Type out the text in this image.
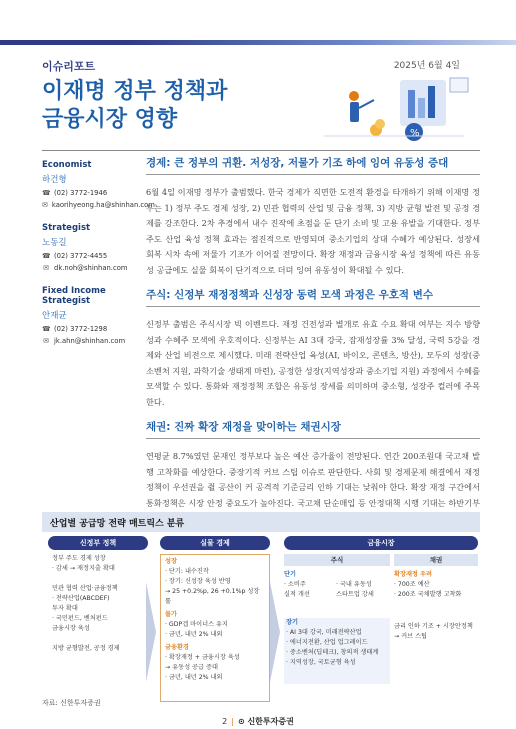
이슈리포트	2025년 6월 4일
이재명 정부 정책과
금융시장 영향
%
Economist
하건형
☎ (02) 3772-1946
✉ kaorihyeong.ha@shinhan.com
Strategist
노동길
☎ (02) 3772-4455
✉ dk.noh@shinhan.com
Fixed Income Strategist
안재균
☎ (02) 3772-1298
✉ jk.ahn@shinhan.com
경제: 큰 정부의 귀환. 저성장, 저물가 기조 하에 잉여 유동성 증대

6월 4일 이재명 정부가 출범했다. 한국 경제가 직면한 도전적 환경을 타개하기 위해 이재명 정부는 1) 정부 주도 경제 성장, 2) 민관 협력의 산업 및 금융 정책, 3) 지방 균형 발전 및 공정 경제를 강조한다. 2차 추경에서 내수 진작에 초점을 둔 단기 소비 및 고용 유발을 기대한다. 정부 주도 산업 육성 정책 효과는 점진적으로 반영되며 중소기업의 상대 수혜가 예상된다. 성장세 회복 시차 속에 저물가 기조가 이어질 전망이다. 확장 재정과 금융시장 육성 정책에 따른 유동성 공급에도 실물 회복이 단기적으로 더뎌 잉여 유동성이 확대될 수 있다.

주식: 신정부 재정정책과 신성장 동력 모색 과정은 우호적 변수

신정부 출범은 주식시장 빅 이벤트다. 재정 건전성과 별개로 유효 수요 확대 여부는 지수 방향성과 수혜주 모색에 우호적이다. 신정부는 AI 3대 강국, 잠재성장률 3% 달성, 국력 5강을 경제와 산업 비전으로 제시했다. 미래 전략산업 육성(AI, 바이오, 콘텐츠, 방산), 모두의 성장(중소벤처 지원, 과학기술 생태계 마련), 공정한 성장(지역성장과 중소기업 지원) 과정에서 수혜를 모색할 수 있다. 통화와 재정정책 조합은 유동성 장세를 의미하며 중소형, 성장주 컬러에 주목한다.

채권: 진짜 확장 재정을 맞이하는 채권시장

연평균 8.7%였던 문재인 정부보다 높은 예산 증가율이 전망된다. 연간 200조원대 국고채 발행 고착화를 예상한다. 중장기적 커브 스팁 이슈로 판단한다. 사회 및 경제문제 해결에서 재정정책이 우선권을 쥘 공산이 커 공격적 기준금리 인하 기대는 낮춰야 한다. 확장 재정 구간에서 통화정책은 시장 안정 중요도가 높아진다. 국고채 단순매입 등 안정대책 시행 기대는 하반기부

산업별 공급망 전략 매트릭스 분류
신정부 정책
정부 주도 경제 성장
· 감세 → 재정지출 확대

민관 협력 산업·금융정책
· 전략산업(ABCDEF)
투자 확대
· 국민펀드, 벤처펀드
금융시장 육성

지방 균형발전, 공정 경제
실물 경제
성장
· 단기: 내수진작
· 장기: 신성장 육성 반영
→ 25 +0.2%p, 26 +0.1%p 성장률
물가
· GDP갭 마이너스 유지
· 금년, 내년 2% 내외
금융환경
· 확장재정 + 금융시장 육성
→ 유동성 공급 증대
· 금년, 내년 2% 내외
금융시장
주식	채권
단기
· 소비주
실적 개선
· 국내 유동성
스타트업 강세
장기
· AI 3대 강국, 미래전략산업
· 에너지전환, 산업 업그레이드
· 중소벤처(딥테크), 창의적 생태계
· 지역성장, 국토균형 육성
확장재정 우려
· 700조 예산
· 200조 국채발행 고착화
금리 인하 기조 + 시장안정책
→ 커브 스팁
자료: 신한투자증권
2 | ⊙ 신한투자증권
